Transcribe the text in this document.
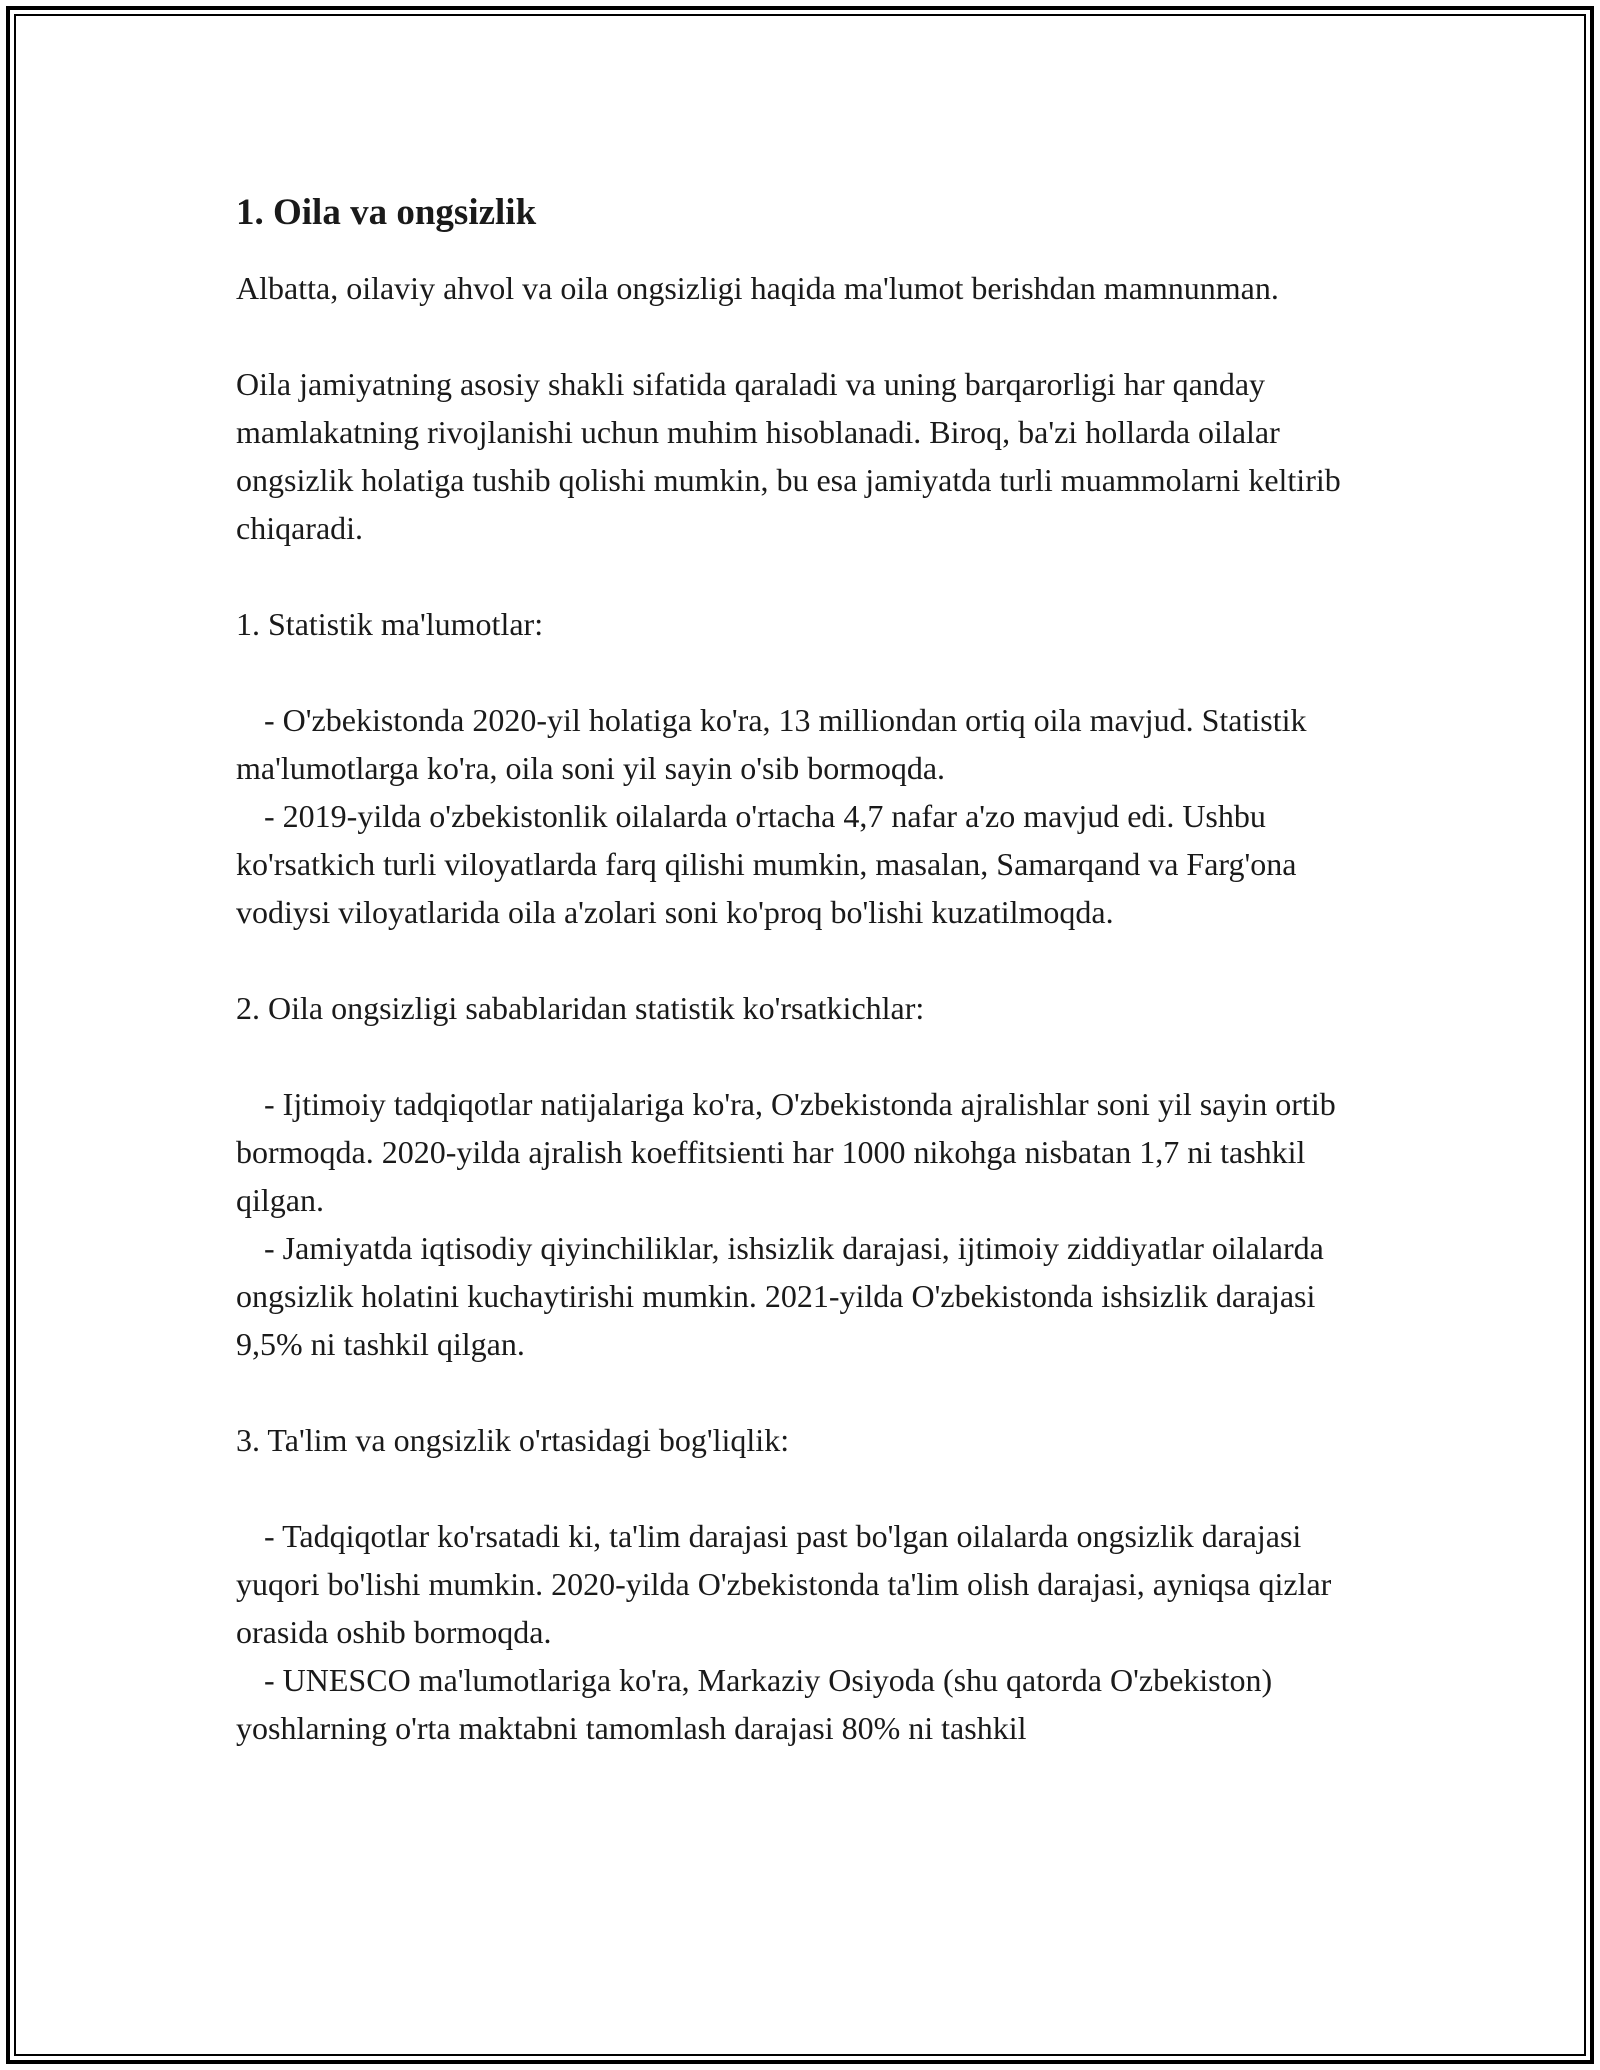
1. Oila va ongsizlik

Albatta, oilaviy ahvol va oila ongsizligi haqida ma'lumot berishdan mamnunman.

Oila jamiyatning asosiy shakli sifatida qaraladi va uning barqarorligi har qanday mamlakatning rivojlanishi uchun muhim hisoblanadi. Biroq, ba'zi hollarda oilalar ongsizlik holatiga tushib qolishi mumkin, bu esa jamiyatda turli muammolarni keltirib chiqaradi.

1. Statistik ma'lumotlar:

- O'zbekistonda 2020-yil holatiga ko'ra, 13 milliondan ortiq oila mavjud. Statistik ma'lumotlarga ko'ra, oila soni yil sayin o'sib bormoqda.

- 2019-yilda o'zbekistonlik oilalarda o'rtacha 4,7 nafar a'zo mavjud edi. Ushbu ko'rsatkich turli viloyatlarda farq qilishi mumkin, masalan, Samarqand va Farg'ona vodiysi viloyatlarida oila a'zolari soni ko'proq bo'lishi kuzatilmoqda.

2. Oila ongsizligi sabablaridan statistik ko'rsatkichlar:

- Ijtimoiy tadqiqotlar natijalariga ko'ra, O'zbekistonda ajralishlar soni yil sayin ortib bormoqda. 2020-yilda ajralish koeffitsienti har 1000 nikohga nisbatan 1,7 ni tashkil qilgan.

- Jamiyatda iqtisodiy qiyinchiliklar, ishsizlik darajasi, ijtimoiy ziddiyatlar oilalarda ongsizlik holatini kuchaytirishi mumkin. 2021-yilda O'zbekistonda ishsizlik darajasi 9,5% ni tashkil qilgan.

3. Ta'lim va ongsizlik o'rtasidagi bog'liqlik:

- Tadqiqotlar ko'rsatadi ki, ta'lim darajasi past bo'lgan oilalarda ongsizlik darajasi yuqori bo'lishi mumkin. 2020-yilda O'zbekistonda ta'lim olish darajasi, ayniqsa qizlar orasida oshib bormoqda.

- UNESCO ma'lumotlariga ko'ra, Markaziy Osiyoda (shu qatorda O'zbekiston) yoshlarning o'rta maktabni tamomlash darajasi 80% ni tashkil
